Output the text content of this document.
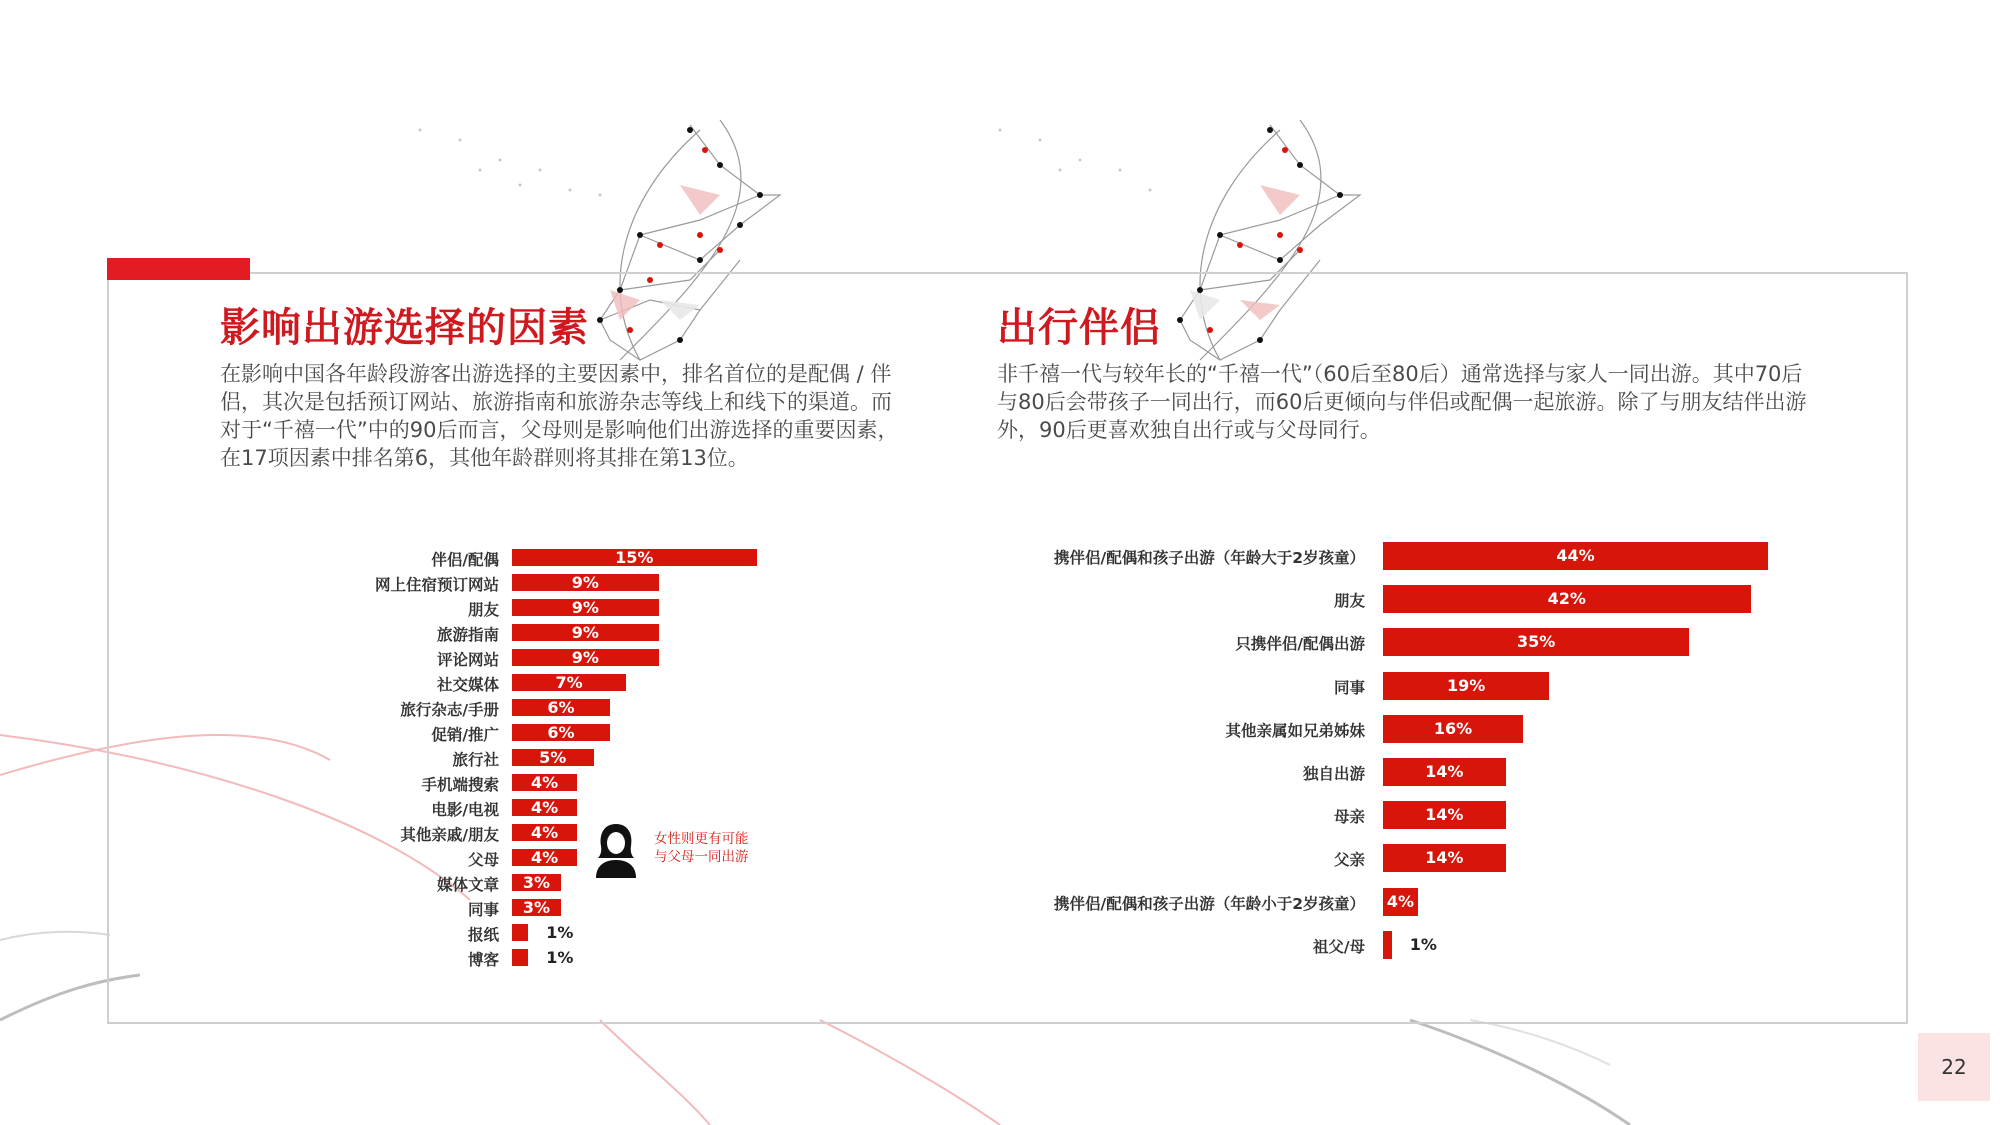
影响出游选择的因素

在影响中国各年龄段游客出游选择的主要因素中，排名首位的是配偶 / 伴侣，其次是包括预订网站、旅游指南和旅游杂志等线上和线下的渠道。而对于“千禧一代”中的90后而言，父母则是影响他们出游选择的重要因素，在17项因素中排名第6，其他年龄群则将其排在第13位。

出行伴侣

非千禧一代与较年长的“千禧一代”（60后至80后）通常选择与家人一同出游。其中70后与80后会带孩子一同出行，而60后更倾向与伴侣或配偶一起旅游。除了与朋友结伴出游外，90后更喜欢独自出行或与父母同行。

伴侣/配偶	15%
网上住宿预订网站	9%
朋友	9%
旅游指南	9%
评论网站	9%
社交媒体	7%
旅行杂志/手册	6%
促销/推广	6%
旅行社	5%
手机端搜索	4%
电影/电视	4%
其他亲戚/朋友	4%
父母	4%
媒体文章	3%
同事	3%
报纸	1%
博客	1%
携伴侣/配偶和孩子出游（年龄大于2岁孩童）	44%
朋友	42%
只携伴侣/配偶出游	35%
同事	19%
其他亲属如兄弟姊妹	16%
独自出游	14%
母亲	14%
父亲	14%
携伴侣/配偶和孩子出游（年龄小于2岁孩童） 4%
祖父/母	1%
女性则更有可能与父母一同出游
22
